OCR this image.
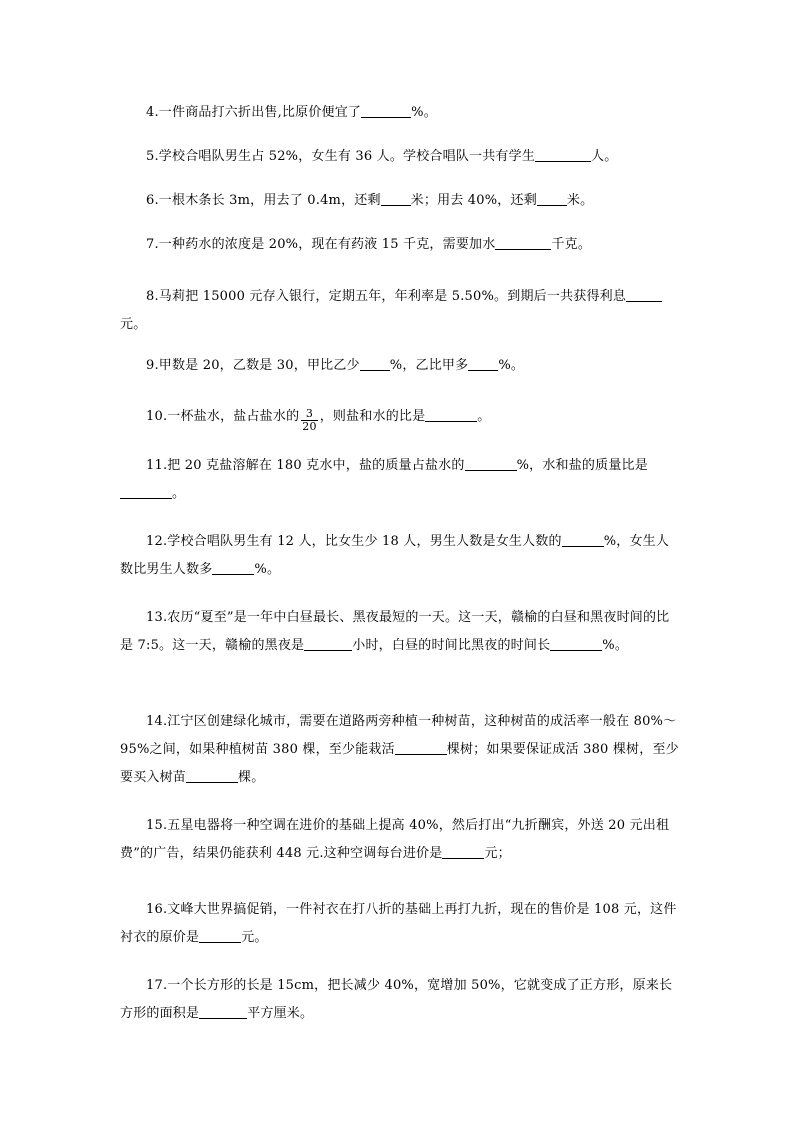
4.一件商品打六折出售,比原价便宜了	%。
5.学校合唱队男生占 52%，女生有 36 人。学校合唱队一共有学生	人。
6.一根木条长 3m，用去了 0.4m，还剩 米；用去 40%，还剩 米。
7.一种药水的浓度是 20%，现在有药液 15 千克，需要加水	千克。
8.马莉把 15000 元存入银行，定期五年，年利率是 5.50%。到期后一共获得利息元。
9.甲数是 20，乙数是 30，甲比乙少 %，乙比甲多 %。
10.一杯盐水，盐占盐水的 $\frac{3}{20}$ ，则盐和水的比是	。
11.把 20 克盐溶解在 180 克水中，盐的质量占盐水的	%，水和盐的质量比是。
12.学校合唱队男生有 12 人，比女生少 18 人，男生人数是女生人数的	%，女生人数比男生人数多	%。
13.农历“夏至”是一年中白昼最长、黑夜最短的一天。这一天，赣榆的白昼和黑夜时间的比是 7:5。这一天，赣榆的黑夜是	小时，白昼的时间比黑夜的时间长	%。
14.江宁区创建绿化城市，需要在道路两旁种植一种树苗，这种树苗的成活率一般在 80%～95%之间，如果种植树苗 380 棵，至少能栽活	棵树；如果要保证成活 380 棵树，至少要买入树苗	棵。
15.五星电器将一种空调在进价的基础上提高 40%，然后打出“九折酬宾，外送 20 元出租费”的广告，结果仍能获利 448 元.这种空调每台进价是	元；
16.文峰大世界搞促销，一件衬衣在打八折的基础上再打九折，现在的售价是 108 元，这件衬衣的原价是	元。
17.一个长方形的长是 15cm，把长减少 40%，宽增加 50%，它就变成了正方形，原来长方形的面积是	平方厘米。
